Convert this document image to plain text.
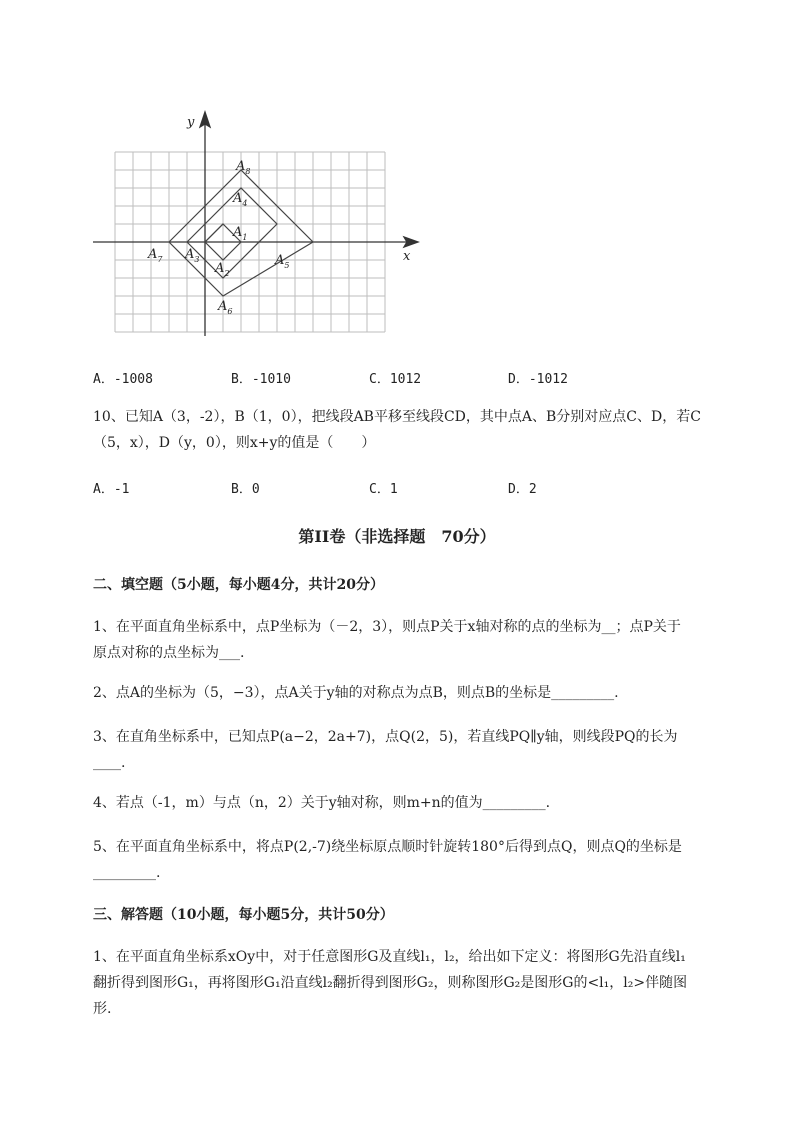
x
y
$A_8$
$A_4$
$A_1$
$A_7$ $A_3$
$A_2$
$A_5$
$A_6$
A．-1008	B．-1010	C．1012	D．-1012
10、已知A（3，-2），B（1，0），把线段AB平移至线段CD，其中点A、B分别对应点C、D，若C
（5，x），D（y，0），则x+y的值是（　　）
A．-1	B．0	C．1	D．2
第II卷（非选择题　70分）
二、填空题（5小题，每小题4分，共计20分）
1、在平面直角坐标系中，点P坐标为（－2，3），则点P关于x轴对称的点的坐标为__；点P关于
原点对称的点坐标为___.
2、点A的坐标为（5，−3），点A关于y轴的对称点为点B，则点B的坐标是_________.
3、在直角坐标系中，已知点P(a−2，2a+7)，点Q(2，5)，若直线PQ∥y轴，则线段PQ的长为
____.
4、若点（-1，m）与点（n，2）关于y轴对称，则m+n的值为_________.
5、在平面直角坐标系中，将点P(2,-7)绕坐标原点顺时针旋转180°后得到点Q，则点Q的坐标是
_________.
三、解答题（10小题，每小题5分，共计50分）
1、在平面直角坐标系xOy中，对于任意图形G及直线l₁，l₂，给出如下定义：将图形G先沿直线l₁
翻折得到图形G₁，再将图形G₁沿直线l₂翻折得到图形G₂，则称图形G₂是图形G的<l₁，l₂>伴随图
形.
